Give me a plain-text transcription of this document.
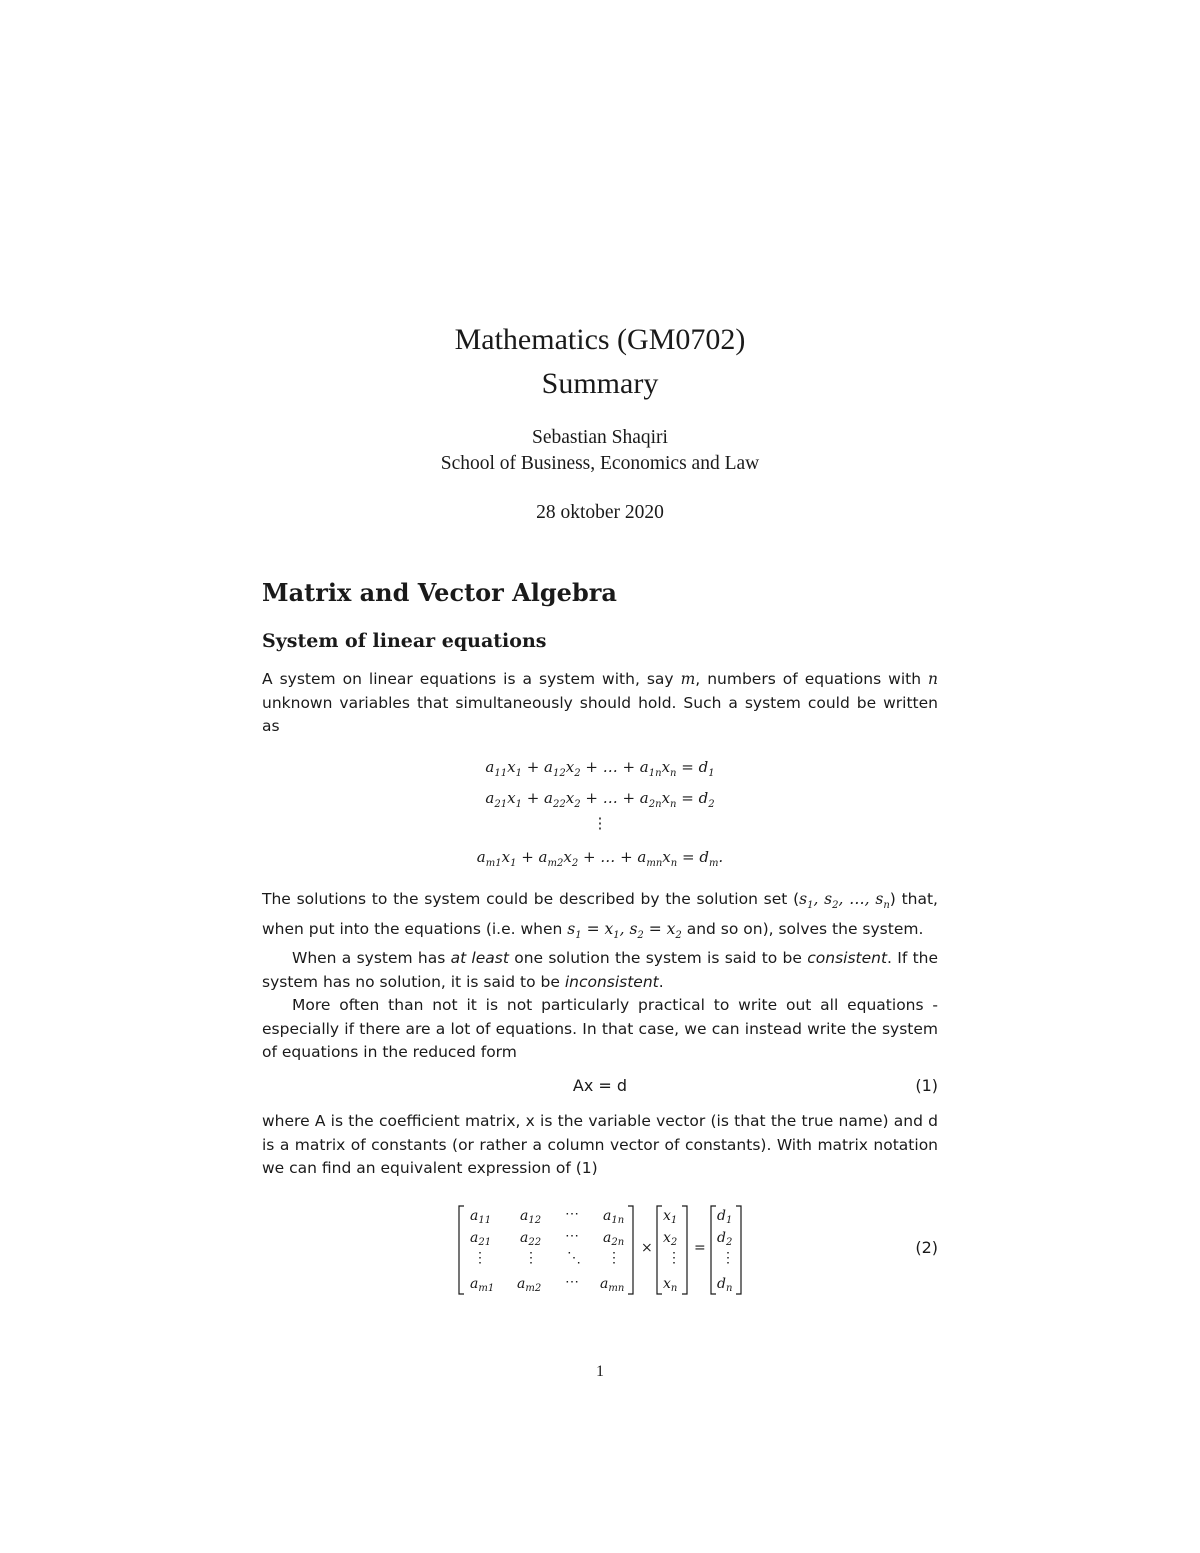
Mathematics (GM0702)
Summary
Sebastian Shaqiri
School of Business, Economics and Law
28 oktober 2020
Matrix and Vector Algebra
System of linear equations

A system on linear equations is a system with, say m, numbers of equations with n unknown variables that simultaneously should hold. Such a system could be written as

$a_{11}x_1 + a_{12}x_2$ + … + $a_{1n}x_n = d_1$
$a_{21}x_1 + a_{22}x_2$ + … + $a_{2n}x_n = d_2$
⋮
$a_{m1}x_1 + a_{m2}x_2$ + … + $a_{mn}x_n = d_m$.

The solutions to the system could be described by the solution set ($s_1$, $s_2$, …, $s_n$) that, when put into the equations (i.e. when $s_1 = x_1$, $s_2 = x_2$ and so on), solves the system.

When a system has at least one solution the system is said to be consistent. If the system has no solution, it is said to be inconsistent.

More often than not it is not particularly practical to write out all equations - especially if there are a lot of equations. In that case, we can instead write the system of equations in the reduced form

Ax = d	(1)

where A is the coefficient matrix, x is the variable vector (is that the true name) and d is a matrix of constants (or rather a column vector of constants). With matrix notation we can find an equivalent expression of (1)

$a_{11}$ $a_{12}$ ⋯ $a_{1n}$
$a_{21}$ $a_{22}$ ⋯ $a_{2n}$
⋮	⋮ ⋱ ⋮
$a_{m1}$ $a_{m2}$ ⋯ $a_{mn}$
×
$x_1$
$x_2$
⋮
$x_n$
=
$d_1$
$d_2$
⋮
$d_n$
(2)
1
